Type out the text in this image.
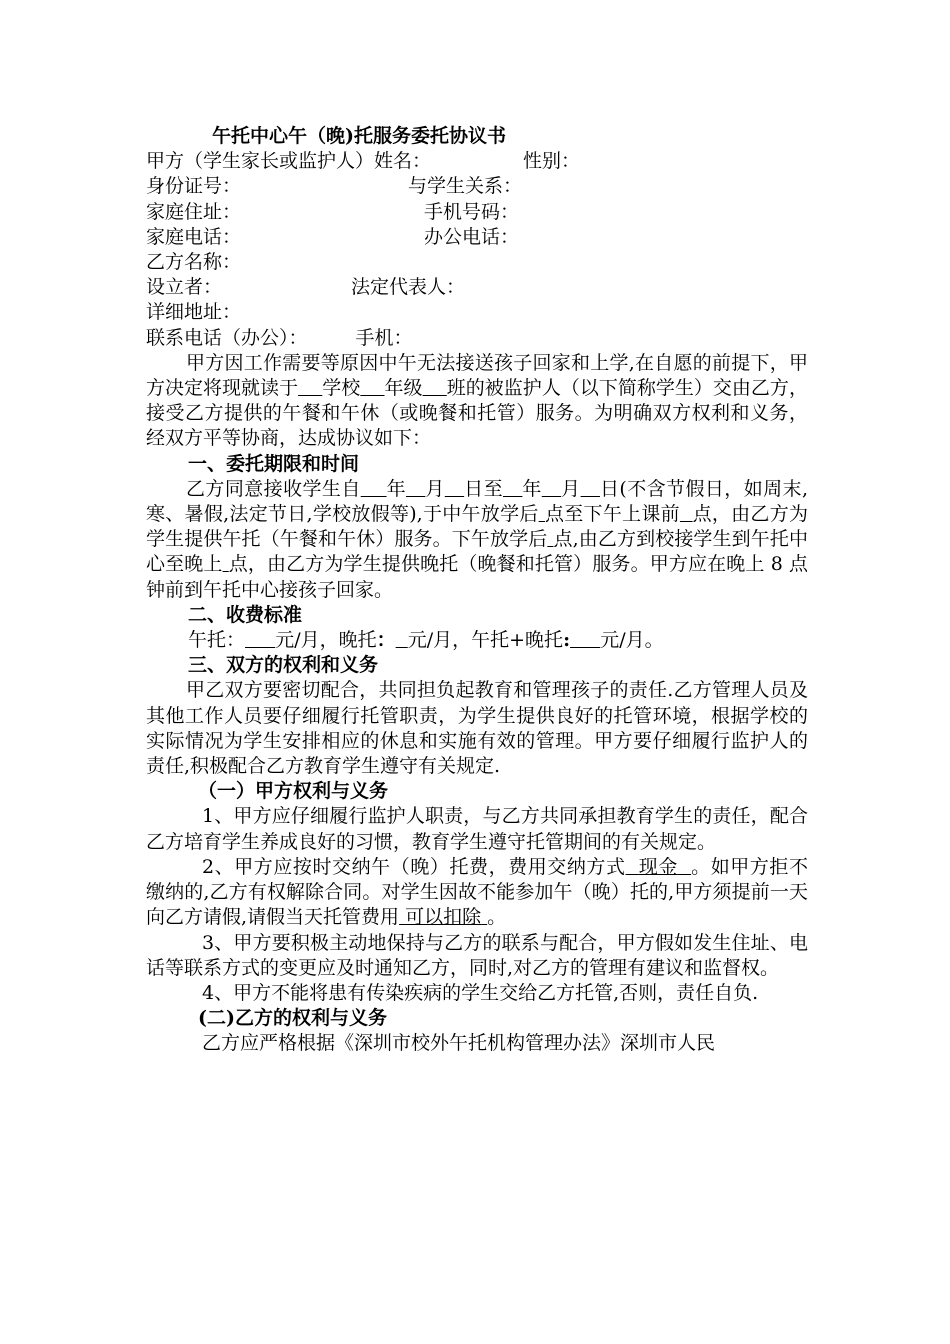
午托中心午（晚)托服务委托协议书
甲方（学生家长或监护人）姓名：	性别：
身份证号：	与学生关系：
家庭住址：	手机号码：
家庭电话：	办公电话：
乙方名称：
设立者：	法定代表人：
详细地址：
联系电话（办公）：	手机：
甲方因工作需要等原因中午无法接送孩子回家和上学,在自愿的前提下，甲方决定将现就读于 学校 年级 班的被监护人（以下简称学生）交由乙方，接受乙方提供的午餐和午休（或晚餐和托管）服务。为明确双方权利和义务，经双方平等协商，达成协议如下：
一、委托期限和时间
乙方同意接收学生自 年 月 日至 年 月 日(不含节假日，如周末,寒、暑假,法定节日,学校放假等),于中午放学后 点至下午上课前 点，由乙方为学生提供午托（午餐和午休）服务。下午放学后 点,由乙方到校接学生到午托中心至晚上 点，由乙方为学生提供晚托（晚餐和托管）服务。甲方应在晚上 8 点钟前到午托中心接孩子回家。
二、收费标准
午托： 元/月，晚托： 元/月，午托+晚托: 元/月。
三、双方的权利和义务
甲乙双方要密切配合，共同担负起教育和管理孩子的责任.乙方管理人员及其他工作人员要仔细履行托管职责，为学生提供良好的托管环境，根据学校的实际情况为学生安排相应的休息和实施有效的管理。甲方要仔细履行监护人的责任,积极配合乙方教育学生遵守有关规定.
（一）甲方权利与义务
1、甲方应仔细履行监护人职责，与乙方共同承担教育学生的责任，配合乙方培育学生养成良好的习惯，教育学生遵守托管期间的有关规定。
2、甲方应按时交纳午（晚）托费，费用交纳方式 现金 。如甲方拒不缴纳的,乙方有权解除合同。对学生因故不能参加午（晚）托的,甲方须提前一天向乙方请假,请假当天托管费用 可以扣除 。
3、甲方要积极主动地保持与乙方的联系与配合，甲方假如发生住址、电话等联系方式的变更应及时通知乙方，同时,对乙方的管理有建议和监督权。
4、甲方不能将患有传染疾病的学生交给乙方托管,否则，责任自负.
(二)乙方的权利与义务
乙方应严格根据《深圳市校外午托机构管理办法》深圳市人民
